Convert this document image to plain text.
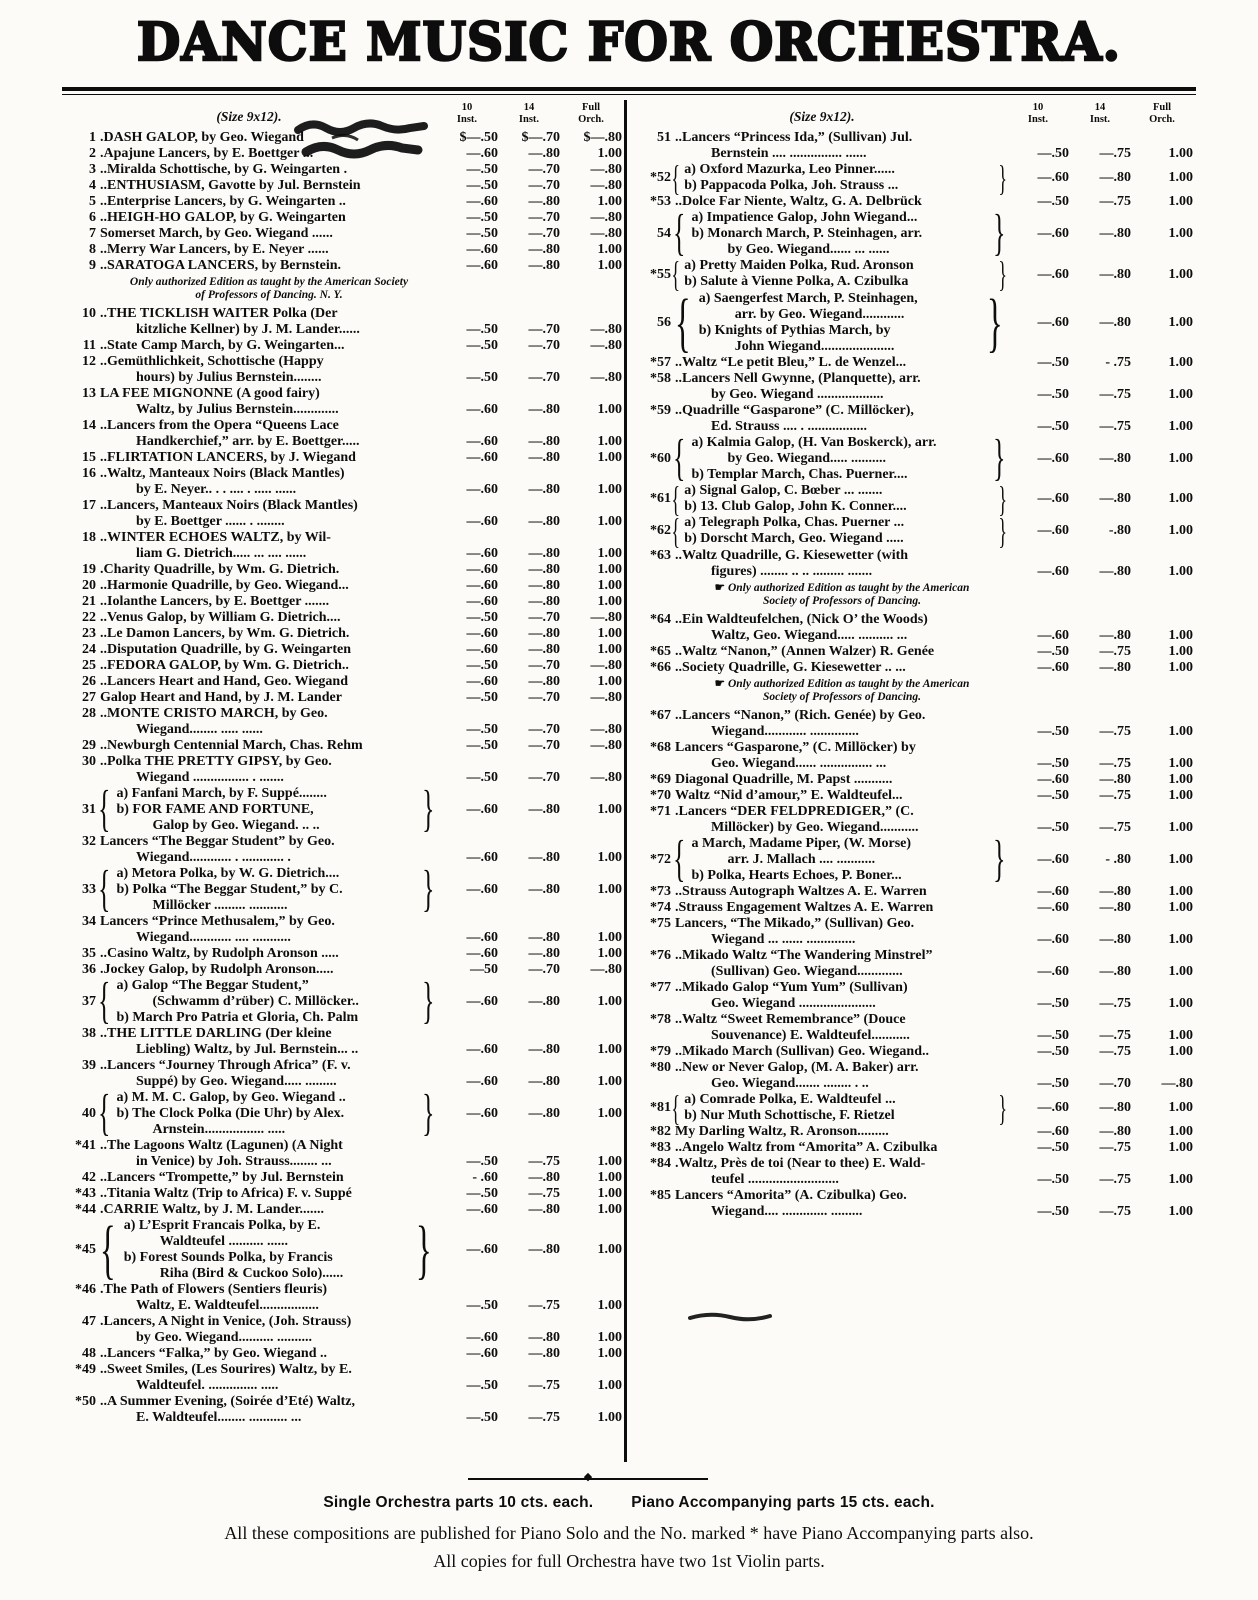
DANCE MUSIC FOR ORCHESTRA.
(Size 9x12).
10
Inst.
14
Inst.
Full
Orch.
1 .DASH GALOP, by Geo. Wiegand	$—.50	$—.70	$—.80
2 .Apajune Lancers, by E. Boettger ...	—.60	—.80	1.00
3 ..Miralda Schottische, by G. Weingarten .	—.50	—.70	—.80
4 ..ENTHUSIASM, Gavotte by Jul. Bernstein	—.50	—.70	—.80
5 ..Enterprise Lancers, by G. Weingarten ..	—.60	—.80	1.00
6 ..HEIGH-HO GALOP, by G. Weingarten	—.50	—.70	—.80
7 Somerset March, by Geo. Wiegand ......	—.50	—.70	—.80
8 ..Merry War Lancers, by E. Neyer ......	—.60	—.80	1.00
9 ..SARATOGA LANCERS, by Bernstein.	—.60	—.80	1.00
Only authorized Edition as taught by the American Society
of Professors of Dancing. N. Y.
10 ..THE TICKLISH WAITER Polka (Der
kitzliche Kellner) by J. M. Lander......	—.50	—.70	—.80
11 ..State Camp March, by G. Weingarten...	—.50	—.70	—.80
12 ..Gemüthlichkeit, Schottische (Happy
hours) by Julius Bernstein........	—.50	—.70	—.80
13 LA FEE MIGNONNE (A good fairy)
Waltz, by Julius Bernstein.............	—.60	—.80	1.00
14 ..Lancers from the Opera “Queens Lace
Handkerchief,” arr. by E. Boettger.....	—.60	—.80	1.00
15 ..FLIRTATION LANCERS, by J. Wiegand	—.60	—.80	1.00
16 ..Waltz, Manteaux Noirs (Black Mantles)
by E. Neyer.. . . .... . ..... ......	—.60	—.80	1.00
17 ..Lancers, Manteaux Noirs (Black Mantles)
by E. Boettger ...... . ........	—.60	—.80	1.00
18 ..WINTER ECHOES WALTZ, by Wil-
liam G. Dietrich..... ... .... ......	—.60	—.80	1.00
19 .Charity Quadrille, by Wm. G. Dietrich.	—.60	—.80	1.00
20 ..Harmonie Quadrille, by Geo. Wiegand...	—.60	—.80	1.00
21 ..Iolanthe Lancers, by E. Boettger .......	—.60	—.80	1.00
22 ..Venus Galop, by William G. Dietrich....	—.50	—.70	—.80
23 ..Le Damon Lancers, by Wm. G. Dietrich.	—.60	—.80	1.00
24 ..Disputation Quadrille, by G. Weingarten	—.60	—.80	1.00
25 ..FEDORA GALOP, by Wm. G. Dietrich..	—.50	—.70	—.80
26 ..Lancers Heart and Hand, Geo. Wiegand	—.60	—.80	1.00
27 Galop Heart and Hand, by J. M. Lander	—.50	—.70	—.80
28 ..MONTE CRISTO MARCH, by Geo.
Wiegand........ ..... ......	—.50	—.70	—.80
29 ..Newburgh Centennial March, Chas. Rehm	—.50	—.70	—.80
30 ..Polka THE PRETTY GIPSY, by Geo.
Wiegand ................ . .......	—.50	—.70	—.80
31 { a) Fanfani March, by F. Suppé........
b) FOR FAME AND FORTUNE,
Galop by Geo. Wiegand. .. ..	}	—.60	—.80	1.00
32 Lancers “The Beggar Student” by Geo.
Wiegand............ . ............ .	—.60	—.80	1.00
33 { a) Metora Polka, by W. G. Dietrich....
b) Polka “The Beggar Student,” by C.
Millöcker ......... ...........	}	—.60	—.80	1.00
34 Lancers “Prince Methusalem,” by Geo.
Wiegand............ .... ...........	—.60	—.80	1.00
35 ..Casino Waltz, by Rudolph Aronson .....	—.60	—.80	1.00
36 .Jockey Galop, by Rudolph Aronson.....	—50	—.70	—.80
37 { a) Galop “The Beggar Student,”
(Schwamm d’rüber) C. Millöcker..
b) March Pro Patria et Gloria, Ch. Palm	}	—.60	—.80	1.00
38 ..THE LITTLE DARLING (Der kleine
Liebling) Waltz, by Jul. Bernstein... ..	—.60	—.80	1.00
39 ..Lancers “Journey Through Africa” (F. v.
Suppé) by Geo. Wiegand..... .........	—.60	—.80	1.00
40 { a) M. M. C. Galop, by Geo. Wiegand ..
b) The Clock Polka (Die Uhr) by Alex.
Arnstein................. .....	}	—.60	—.80	1.00
*41 ..The Lagoons Waltz (Lagunen) (A Night
in Venice) by Joh. Strauss........ ...	—.50	—.75	1.00
42 ..Lancers “Trompette,” by Jul. Bernstein	- .60	—.80	1.00
*43 ..Titania Waltz (Trip to Africa) F. v. Suppé	—.50	—.75	1.00
*44 .CARRIE Waltz, by J. M. Lander.......	—.60	—.80	1.00
*45 { a) L’Esprit Francais Polka, by E.
Waldteufel .......... ......
b) Forest Sounds Polka, by Francis
Riha (Bird & Cuckoo Solo)......	}	—.60	—.80	1.00
*46 .The Path of Flowers (Sentiers fleuris)
Waltz, E. Waldteufel.................	—.50	—.75	1.00
47 .Lancers, A Night in Venice, (Joh. Strauss)
by Geo. Wiegand.......... ..........	—.60	—.80	1.00
48 ..Lancers “Falka,” by Geo. Wiegand ..	—.60	—.80	1.00
*49 ..Sweet Smiles, (Les Sourires) Waltz, by E.
Waldteufel. .............. .....	—.50	—.75	1.00
*50 ..A Summer Evening, (Soirée d’Eté) Waltz,
E. Waldteufel........ ........... ...	—.50	—.75	1.00
(Size 9x12).
10
Inst.
14
Inst.
Full
Orch.
51 ..Lancers “Princess Ida,” (Sullivan) Jul.
Bernstein .... ............... ......	—.50	—.75	1.00
*52 { a) Oxford Mazurka, Leo Pinner......
b) Pappacoda Polka, Joh. Strauss ...	}	—.60	—.80	1.00
*53 ..Dolce Far Niente, Waltz, G. A. Delbrück	—.50	—.75	1.00
54 { a) Impatience Galop, John Wiegand...
b) Monarch March, P. Steinhagen, arr.
by Geo. Wiegand...... ... ......	}	—.60	—.80	1.00
*55 { a) Pretty Maiden Polka, Rud. Aronson
b) Salute à Vienne Polka, A. Czibulka	}	—.60	—.80	1.00
56 { a) Saengerfest March, P. Steinhagen,
arr. by Geo. Wiegand............
b) Knights of Pythias March, by
John Wiegand.....................	}	—.60	—.80	1.00
*57 ..Waltz “Le petit Bleu,” L. de Wenzel...	—.50	- .75	1.00
*58 ..Lancers Nell Gwynne, (Planquette), arr.
by Geo. Wiegand ...................	—.50	—.75	1.00
*59 ..Quadrille “Gasparone” (C. Millöcker),
Ed. Strauss .... . .................	—.50	—.75	1.00
*60 { a) Kalmia Galop, (H. Van Boskerck), arr.
by Geo. Wiegand..... ..........
b) Templar March, Chas. Puerner....	}	—.60	—.80	1.00
*61 { a) Signal Galop, C. Bœber ... .......
b) 13. Club Galop, John K. Conner....	}	—.60	—.80	1.00
*62 { a) Telegraph Polka, Chas. Puerner ...
b) Dorscht March, Geo. Wiegand .....	}	—.60	-.80	1.00
*63 ..Waltz Quadrille, G. Kiesewetter (with
figures) ........ .. .. ......... .......	—.60	—.80	1.00
☛ Only authorized Edition as taught by the American
Society of Professors of Dancing.
*64 ..Ein Waldteufelchen, (Nick O’ the Woods)
Waltz, Geo. Wiegand..... .......... ...	—.60	—.80	1.00
*65 ..Waltz “Nanon,” (Annen Walzer) R. Genée	—.50	—.75	1.00
*66 ..Society Quadrille, G. Kiesewetter .. ...	—.60	—.80	1.00
☛ Only authorized Edition as taught by the American
Society of Professors of Dancing.
*67 ..Lancers “Nanon,” (Rich. Genée) by Geo.
Wiegand............ ..............	—.50	—.75	1.00
*68 Lancers “Gasparone,” (C. Millöcker) by
Geo. Wiegand...... ............... ...	—.50	—.75	1.00
*69 Diagonal Quadrille, M. Papst ...........	—.60	—.80	1.00
*70 Waltz “Nid d’amour,” E. Waldteufel...	—.50	—.75	1.00
*71 .Lancers “DER FELDPREDIGER,” (C.
Millöcker) by Geo. Wiegand...........	—.50	—.75	1.00
*72 { a March, Madame Piper, (W. Morse)
arr. J. Mallach .... ...........
b) Polka, Hearts Echoes, P. Boner...	}	—.60	- .80	1.00
*73 ..Strauss Autograph Waltzes A. E. Warren	—.60	—.80	1.00
*74 .Strauss Engagement Waltzes A. E. Warren	—.60	—.80	1.00
*75 Lancers, “The Mikado,” (Sullivan) Geo.
Wiegand ... ...... ..............	—.60	—.80	1.00
*76 ..Mikado Waltz “The Wandering Minstrel”
(Sullivan) Geo. Wiegand.............	—.60	—.80	1.00
*77 ..Mikado Galop “Yum Yum” (Sullivan)
Geo. Wiegand ......................	—.50	—.75	1.00
*78 ..Waltz “Sweet Remembrance” (Douce
Souvenance) E. Waldteufel...........	—.50	—.75	1.00
*79 ..Mikado March (Sullivan) Geo. Wiegand..	—.50	—.75	1.00
*80 ..New or Never Galop, (M. A. Baker) arr.
Geo. Wiegand....... ........ . ..	—.50	—.70	—.80
*81 { a) Comrade Polka, E. Waldteufel ...
b) Nur Muth Schottische, F. Rietzel	}	—.60	—.80	1.00
*82 My Darling Waltz, R. Aronson.........	—.60	—.80	1.00
*83 ..Angelo Waltz from “Amorita” A. Czibulka	—.50	—.75	1.00
*84 .Waltz, Près de toi (Near to thee) E. Wald-
teufel ..........................	—.50	—.75	1.00
*85 Lancers “Amorita” (A. Czibulka) Geo.
Wiegand.... ............. .........	—.50	—.75	1.00
◆
Single Orchestra parts 10 cts. each. Piano Accompanying parts 15 cts. each.
All these compositions are published for Piano Solo and the No. marked * have Piano Accompanying parts also.
All copies for full Orchestra have two 1st Violin parts.
